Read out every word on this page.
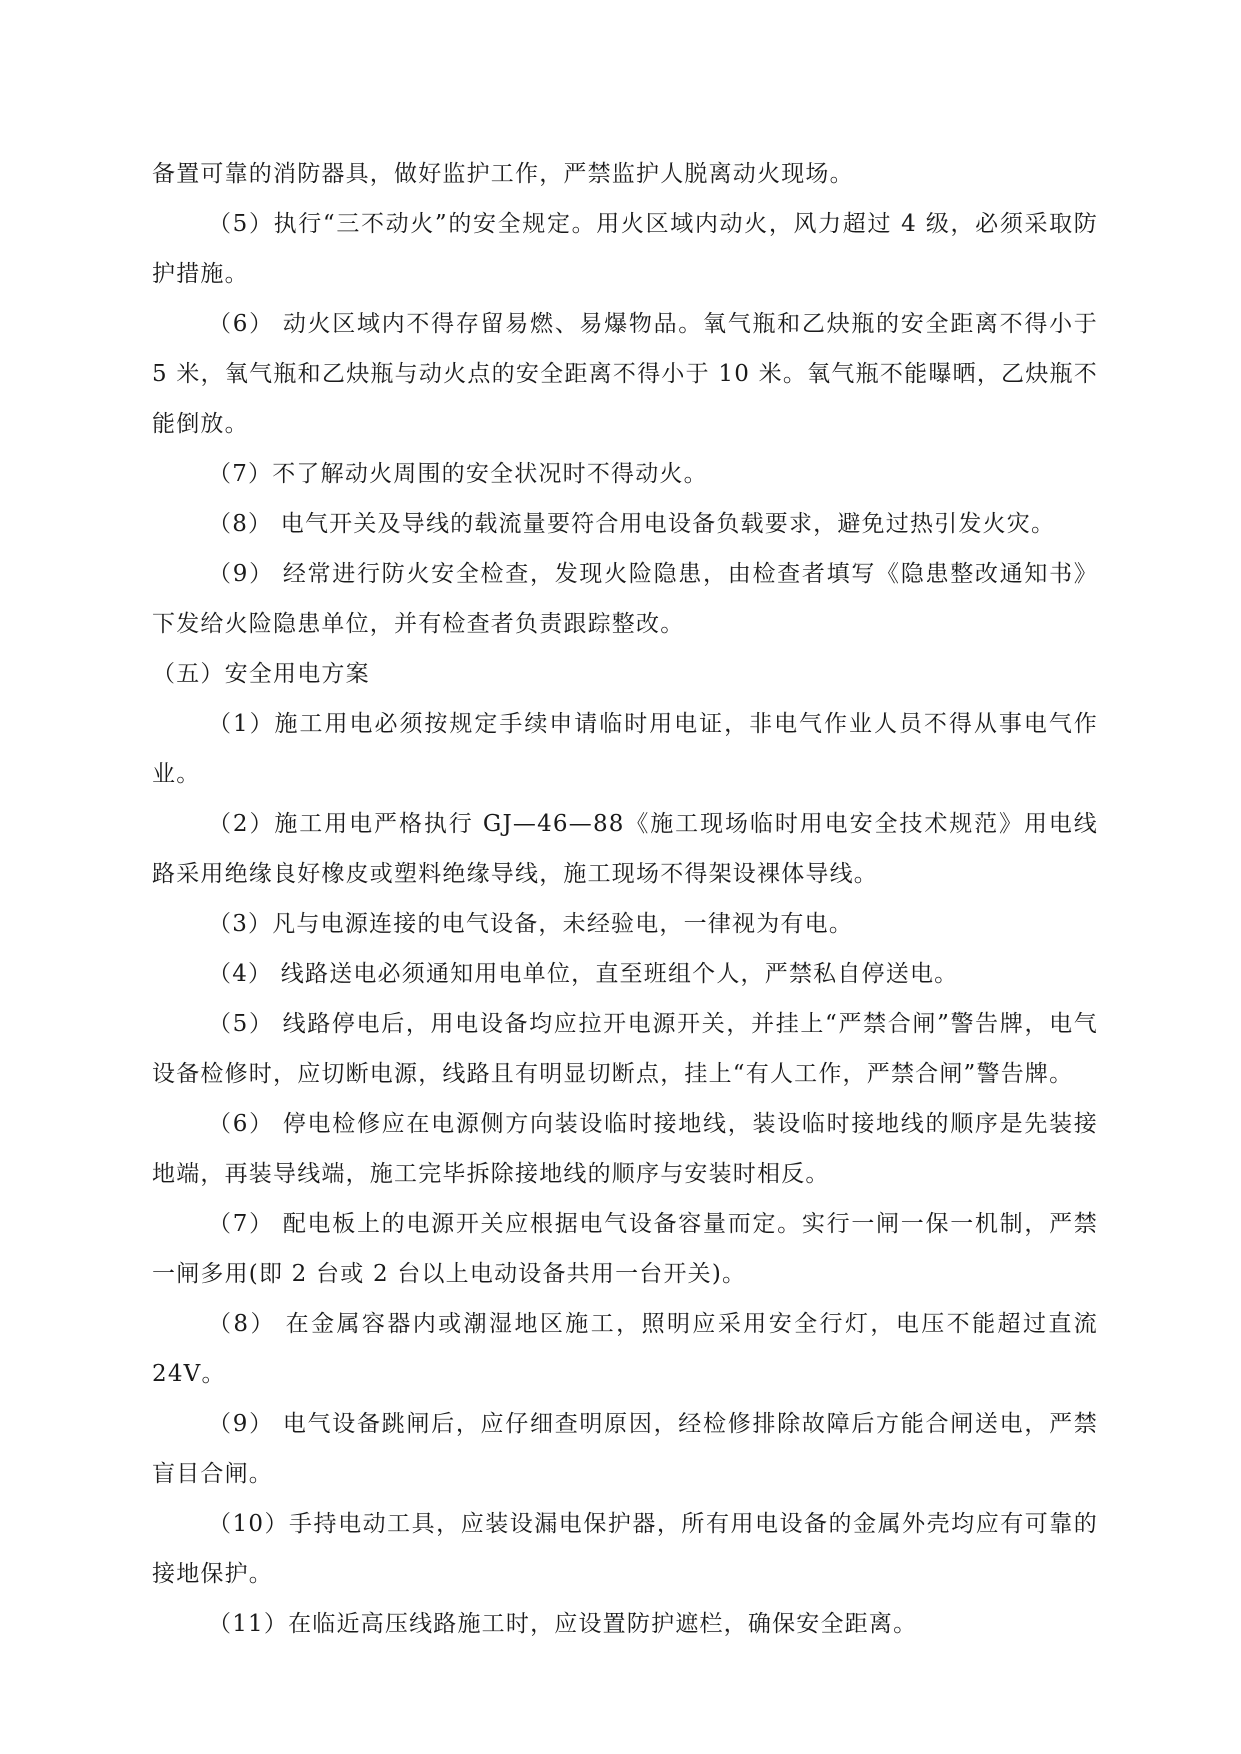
备置可靠的消防器具，做好监护工作，严禁监护人脱离动火现场。

（5）执行“三不动火”的安全规定。用火区域内动火，风力超过 4 级，必须采取防护措施。

（6） 动火区域内不得存留易燃、易爆物品。氧气瓶和乙炔瓶的安全距离不得小于 5 米，氧气瓶和乙炔瓶与动火点的安全距离不得小于 10 米。氧气瓶不能曝晒，乙炔瓶不能倒放。

（7）不了解动火周围的安全状况时不得动火。

（8） 电气开关及导线的载流量要符合用电设备负载要求，避免过热引发火灾。

（9） 经常进行防火安全检查，发现火险隐患，由检查者填写《隐患整改通知书》下发给火险隐患单位，并有检查者负责跟踪整改。

（五）安全用电方案

（1）施工用电必须按规定手续申请临时用电证，非电气作业人员不得从事电气作业。

（2）施工用电严格执行 GJ—46—88《施工现场临时用电安全技术规范》用电线路采用绝缘良好橡皮或塑料绝缘导线，施工现场不得架设裸体导线。

（3）凡与电源连接的电气设备，未经验电，一律视为有电。

（4） 线路送电必须通知用电单位，直至班组个人，严禁私自停送电。

（5） 线路停电后，用电设备均应拉开电源开关，并挂上“严禁合闸”警告牌，电气设备检修时，应切断电源，线路且有明显切断点，挂上“有人工作，严禁合闸”警告牌。

（6） 停电检修应在电源侧方向装设临时接地线，装设临时接地线的顺序是先装接地端，再装导线端，施工完毕拆除接地线的顺序与安装时相反。

（7） 配电板上的电源开关应根据电气设备容量而定。实行一闸一保一机制，严禁一闸多用(即 2 台或 2 台以上电动设备共用一台开关)。

（8） 在金属容器内或潮湿地区施工，照明应采用安全行灯，电压不能超过直流 24V。

（9） 电气设备跳闸后，应仔细查明原因，经检修排除故障后方能合闸送电，严禁盲目合闸。

（10）手持电动工具，应装设漏电保护器，所有用电设备的金属外壳均应有可靠的接地保护。

（11）在临近高压线路施工时，应设置防护遮栏，确保安全距离。
